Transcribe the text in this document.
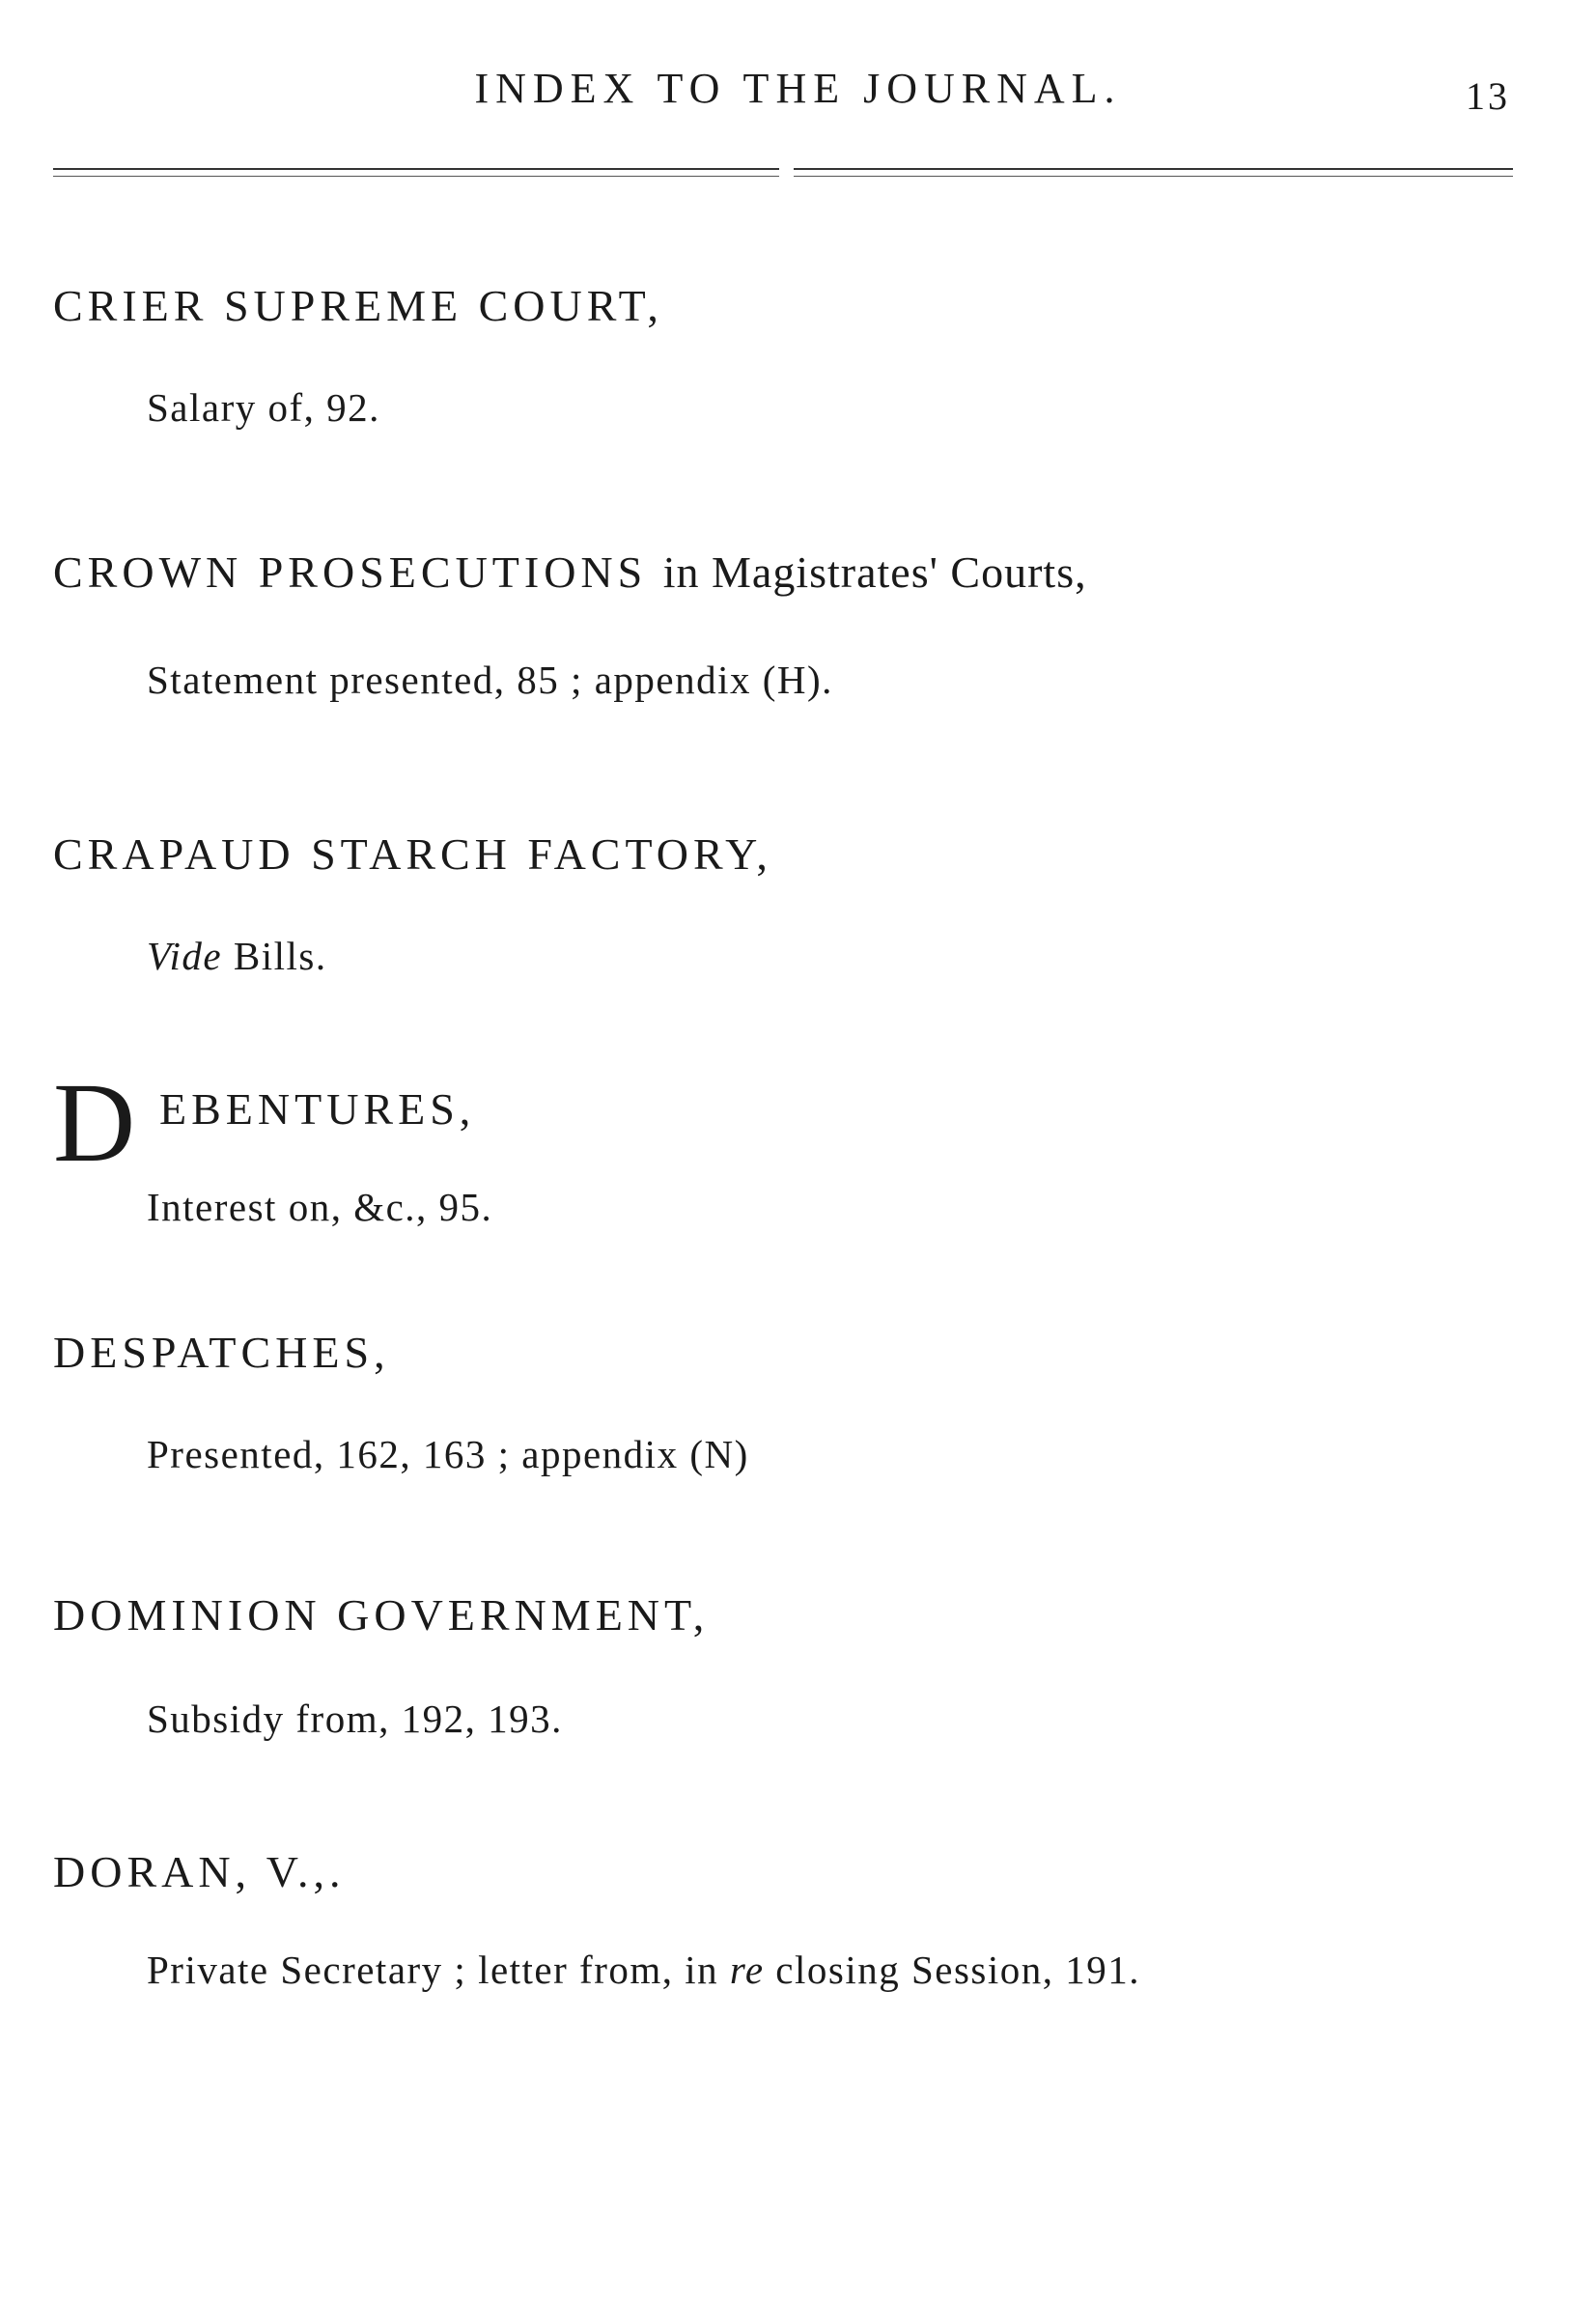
INDEX TO THE JOURNAL.	13
CRIER SUPREME COURT,
Salary of, 92.
CROWN PROSECUTIONS in Magistrates' Courts,
Statement presented, 85 ; appendix (H).
CRAPAUD STARCH FACTORY,
Vide Bills.
D EBENTURES,
Interest on, &c., 95.
DESPATCHES,
Presented, 162, 163 ; appendix (N)
DOMINION GOVERNMENT,
Subsidy from, 192, 193.
DORAN, V.,.
Private Secretary ; letter from, in re closing Session, 191.
